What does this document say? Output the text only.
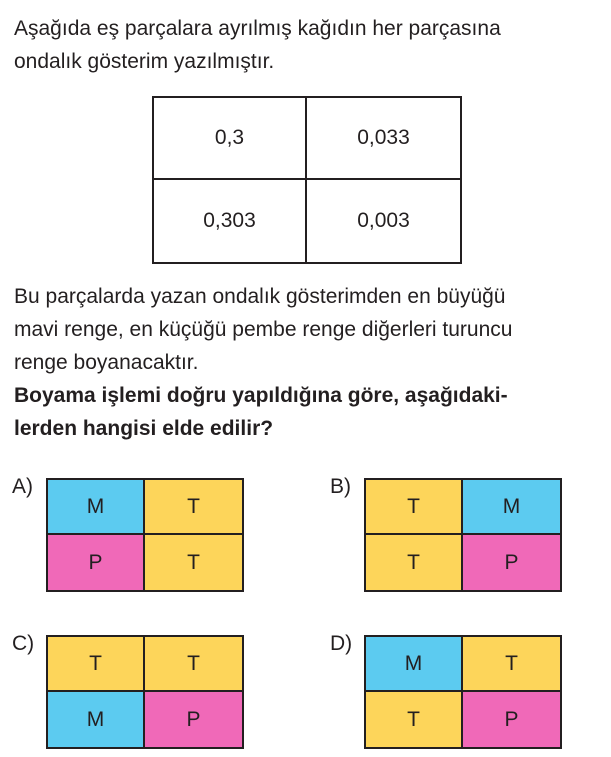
Aşağıda eş parçalara ayrılmış kağıdın her parçasına
ondalık gösterim yazılmıştır.

0,3	0,033
0,303	0,003

Bu parçalarda yazan ondalık gösterimden en büyüğü
mavi renge, en küçüğü pembe renge diğerleri turuncu
renge boyanacaktır.

Boyama işlemi doğru yapıldığına göre, aşağıdaki-
lerden hangisi elde edilir?

A)
M	T
P	T
B)
T	M
T	P
C)
T	T
M	P
D)
M	T
T	P
